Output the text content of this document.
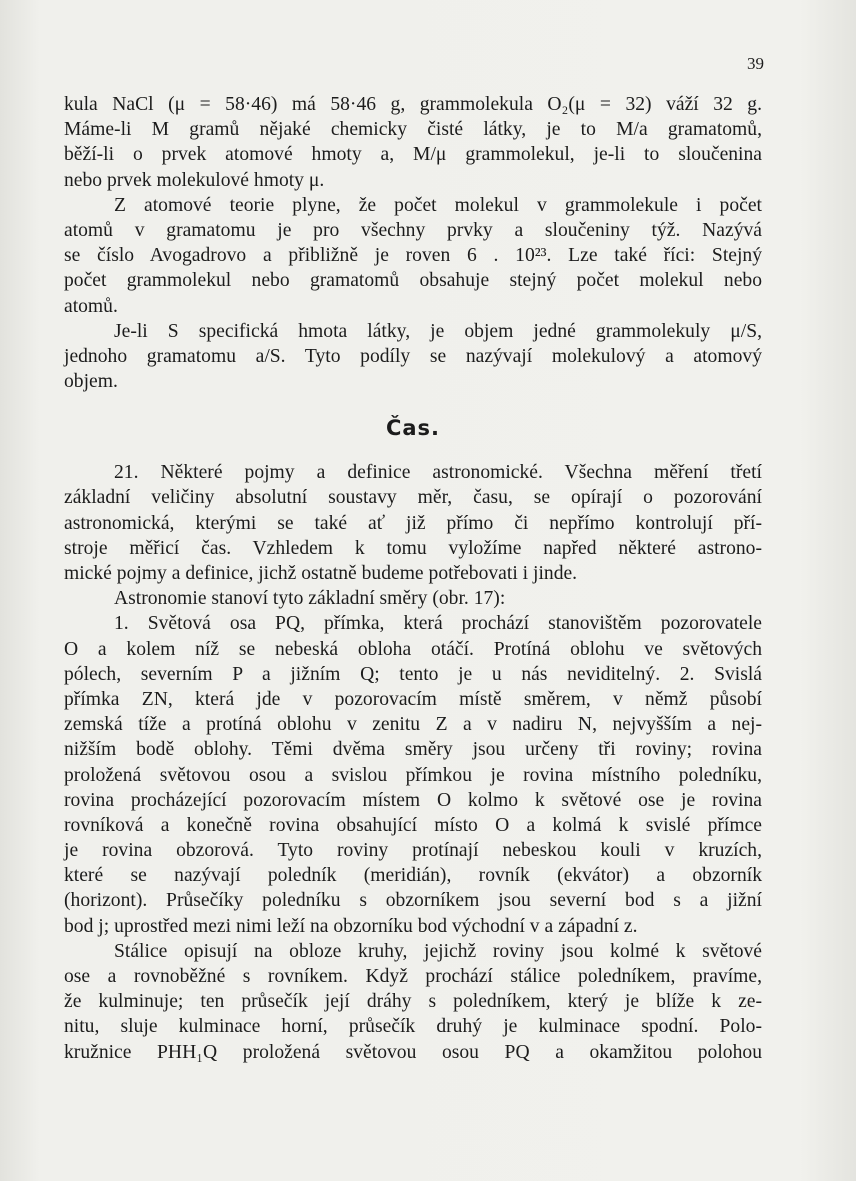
39
kula NaCl (μ = 58·46) má 58·46 g, grammolekula O₂(μ = 32) váží 32 g.
Máme-li M gramů nějaké chemicky čisté látky, je to M/a gramatomů,
běží-li o prvek atomové hmoty a, M/μ grammolekul, je-li to sloučenina
nebo prvek molekulové hmoty μ.
Z atomové teorie plyne, že počet molekul v grammolekule i počet
atomů v gramatomu je pro všechny prvky a sloučeniny týž. Nazývá
se číslo Avogadrovo a přibližně je roven 6 . 10²³. Lze také říci: Stejný
počet grammolekul nebo gramatomů obsahuje stejný počet molekul nebo
atomů.
Je-li S specifická hmota látky, je objem jedné grammolekuly μ/S,
jednoho gramatomu a/S. Tyto podíly se nazývají molekulový a atomový
objem.
Čas.
21. Některé pojmy a definice astronomické. Všechna měření třetí
základní veličiny absolutní soustavy měr, času, se opírají o pozorování
astronomická, kterými se také ať již přímo či nepřímo kontrolují pří-
stroje měřicí čas. Vzhledem k tomu vyložíme napřed některé astrono-
mické pojmy a definice, jichž ostatně budeme potřebovati i jinde.
Astronomie stanoví tyto základní směry (obr. 17):
1. Světová osa PQ, přímka, která prochází stanovištěm pozorovatele
O a kolem níž se nebeská obloha otáčí. Protíná oblohu ve světových
pólech, severním P a jižním Q; tento je u nás neviditelný. 2. Svislá
přímka ZN, která jde v pozorovacím místě směrem, v němž působí
zemská tíže a protíná oblohu v zenitu Z a v nadiru N, nejvyšším a nej-
nižším bodě oblohy. Těmi dvěma směry jsou určeny tři roviny; rovina
proložená světovou osou a svislou přímkou je rovina místního poledníku,
rovina procházející pozorovacím místem O kolmo k světové ose je rovina
rovníková a konečně rovina obsahující místo O a kolmá k svislé přímce
je rovina obzorová. Tyto roviny protínají nebeskou kouli v kruzích,
které se nazývají poledník (meridián), rovník (ekvátor) a obzorník
(horizont). Průsečíky poledníku s obzorníkem jsou severní bod s a jižní
bod j; uprostřed mezi nimi leží na obzorníku bod východní v a západní z.
Stálice opisují na obloze kruhy, jejichž roviny jsou kolmé k světové
ose a rovnoběžné s rovníkem. Když prochází stálice poledníkem, pravíme,
že kulminuje; ten průsečík její dráhy s poledníkem, který je blíže k ze-
nitu, sluje kulminace horní, průsečík druhý je kulminace spodní. Polo-
kružnice PHH₁Q proložená světovou osou PQ a okamžitou polohou
